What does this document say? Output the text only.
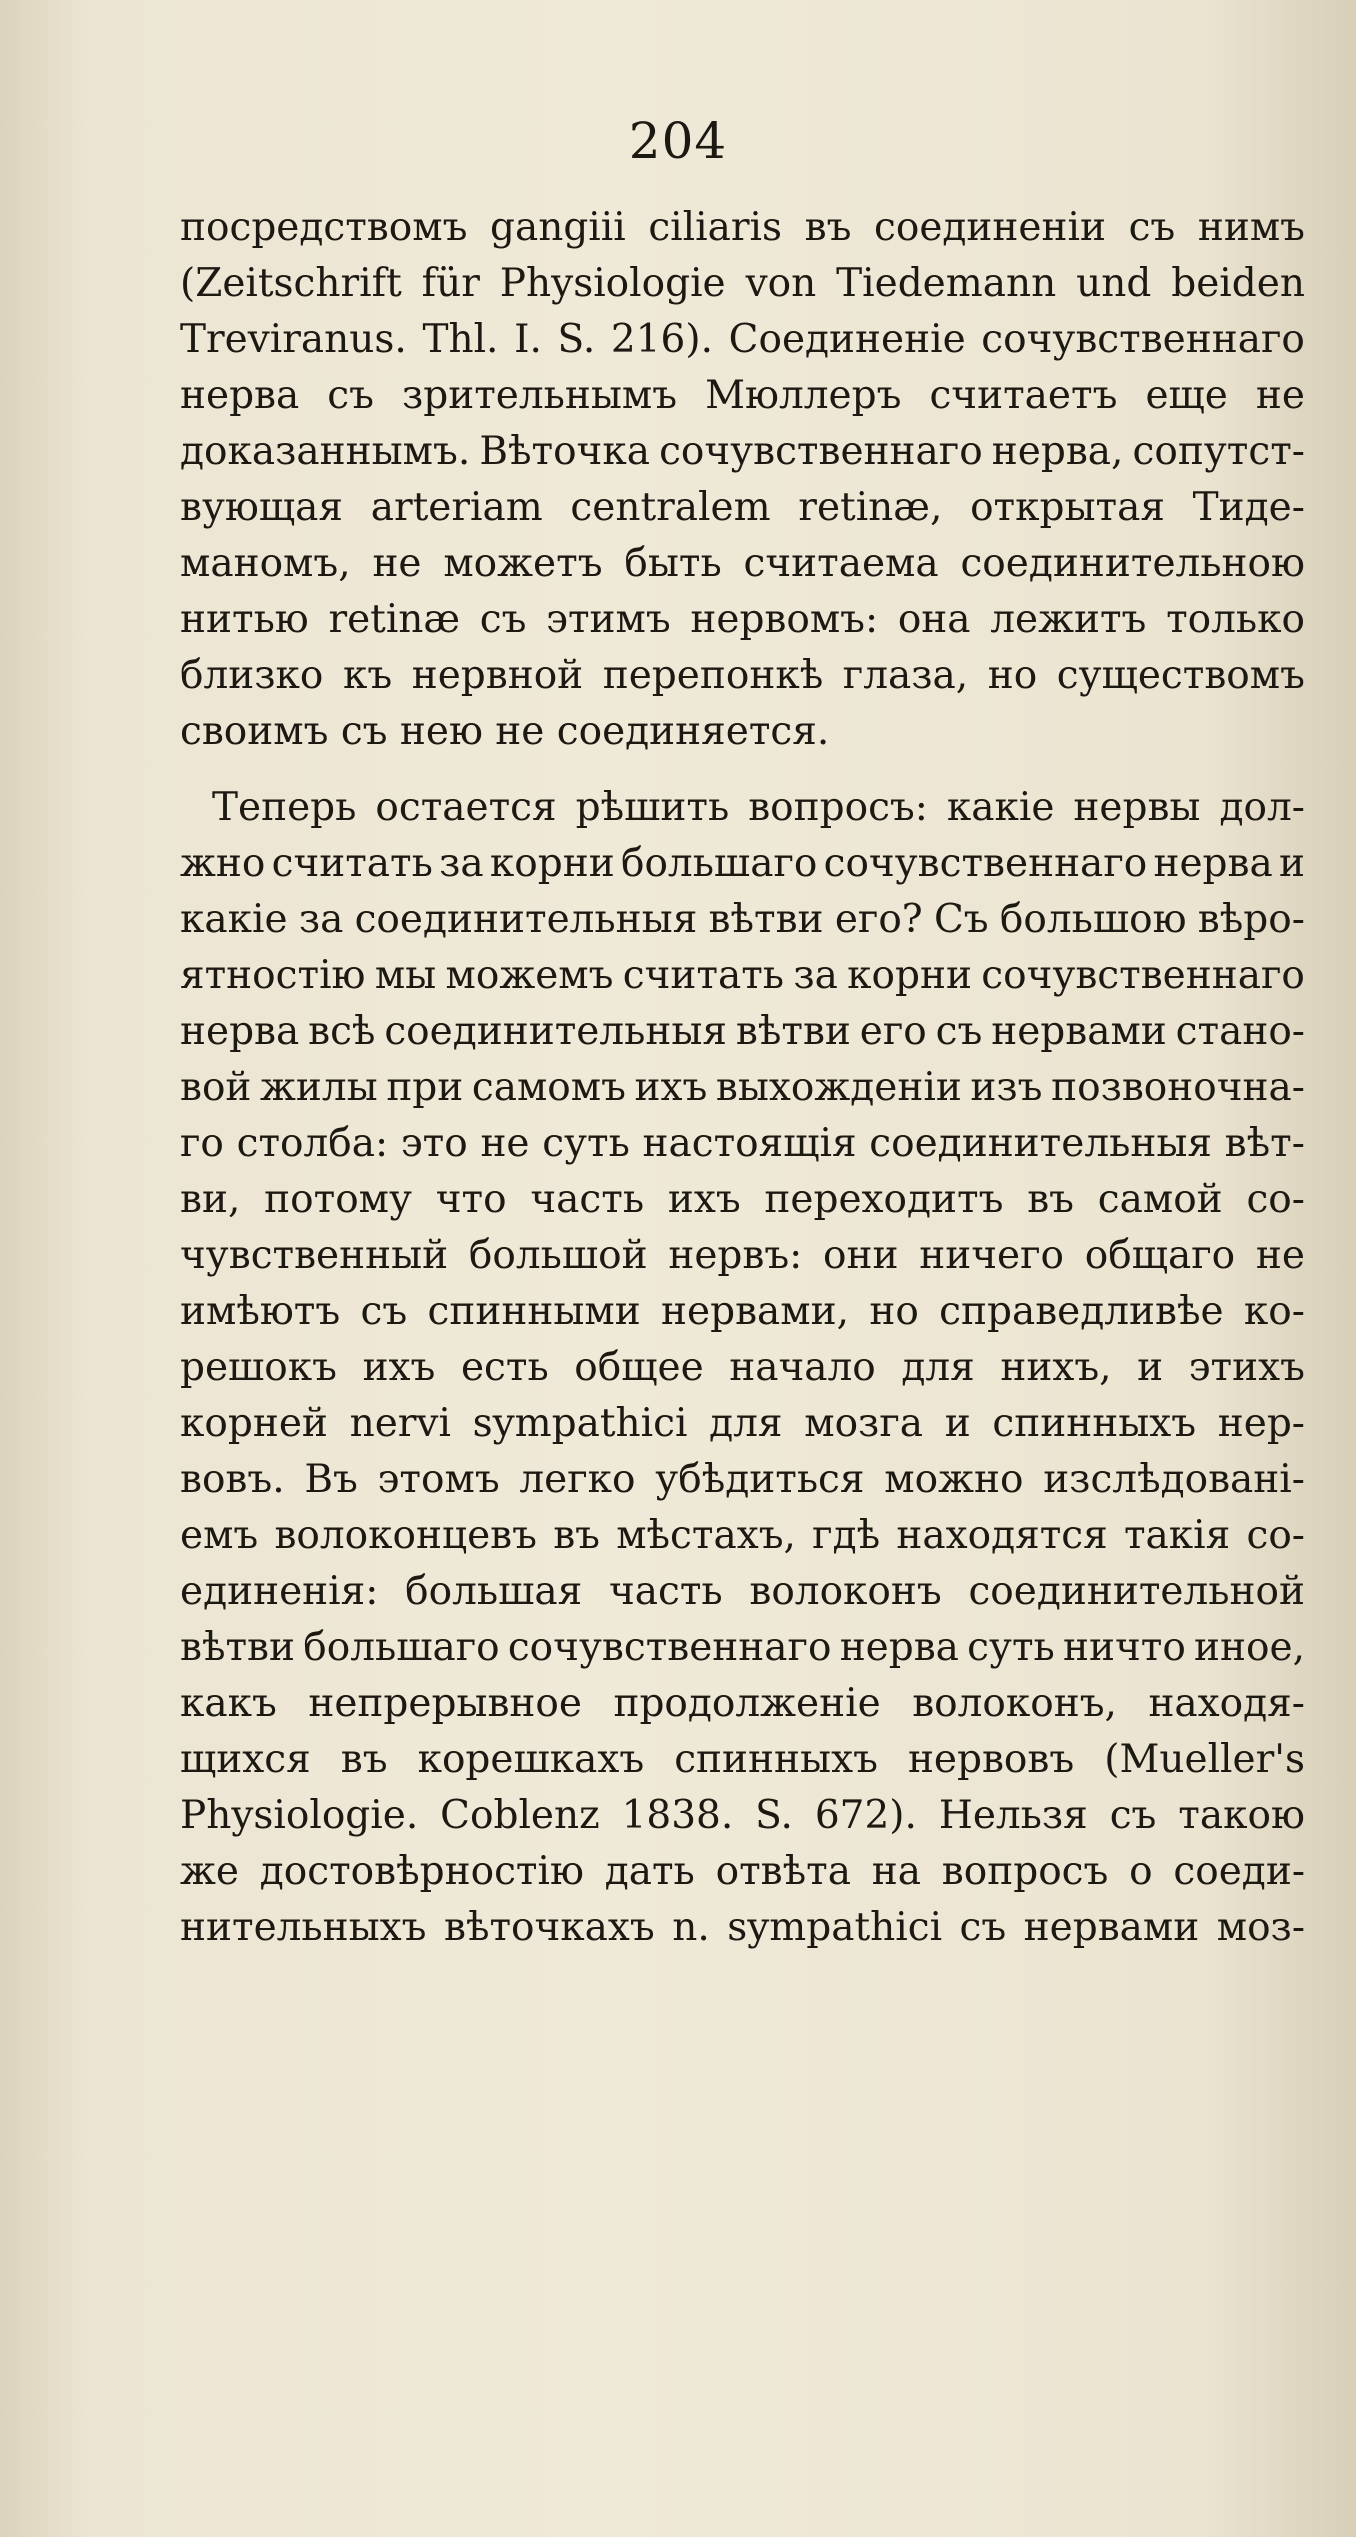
204
посредствомъ gangiii ciliaris въ соединенiи съ нимъ
(Zeitschrift für Physiologie von Tiedemann und beiden
Treviranus. Thl. I. S. 216). Соединенiе сочувственнаго
нерва съ зрительнымъ Мюллеръ считаетъ еще не
доказаннымъ. Вѣточка сочувственнаго нерва, сопутст-
вующая arteriam centralem retinæ, открытая Тиде-
маномъ, не можетъ быть считаема соединительною
нитью retinæ съ этимъ нервомъ: она лежитъ только
близко къ нервной перепонкѣ глаза, но существомъ
своимъ съ нею не соединяется.
Теперь остается рѣшить вопросъ: какiе нервы дол-
жно считать за корни большаго сочувственнаго нерва и
какiе за соединительныя вѣтви его? Съ большою вѣро-
ятностiю мы можемъ считать за корни сочувственнаго
нерва всѣ соединительныя вѣтви его съ нервами стано-
вой жилы при самомъ ихъ выхожденiи изъ позвоночна-
го столба: это не суть настоящiя соединительныя вѣт-
ви, потому что часть ихъ переходитъ въ самой со-
чувственный большой нервъ: они ничего общаго не
имѣютъ съ спинными нервами, но справедливѣе ко-
решокъ ихъ есть общее начало для нихъ, и этихъ
корней nervi sympathici для мозга и спинныхъ нер-
вовъ. Въ этомъ легко убѣдиться можно изслѣдованi-
емъ волоконцевъ въ мѣстахъ, гдѣ находятся такiя со-
единенiя: большая часть волоконъ соединительной
вѣтви большаго сочувственнаго нерва суть ничто иное,
какъ непрерывное продолженiе волоконъ, находя-
щихся въ корешкахъ спинныхъ нервовъ (Mueller's
Physiologie. Coblenz 1838. S. 672). Нельзя съ такою
же достовѣрностiю дать отвѣта на вопросъ о соеди-
нительныхъ вѣточкахъ n. sympathici съ нервами моз-
